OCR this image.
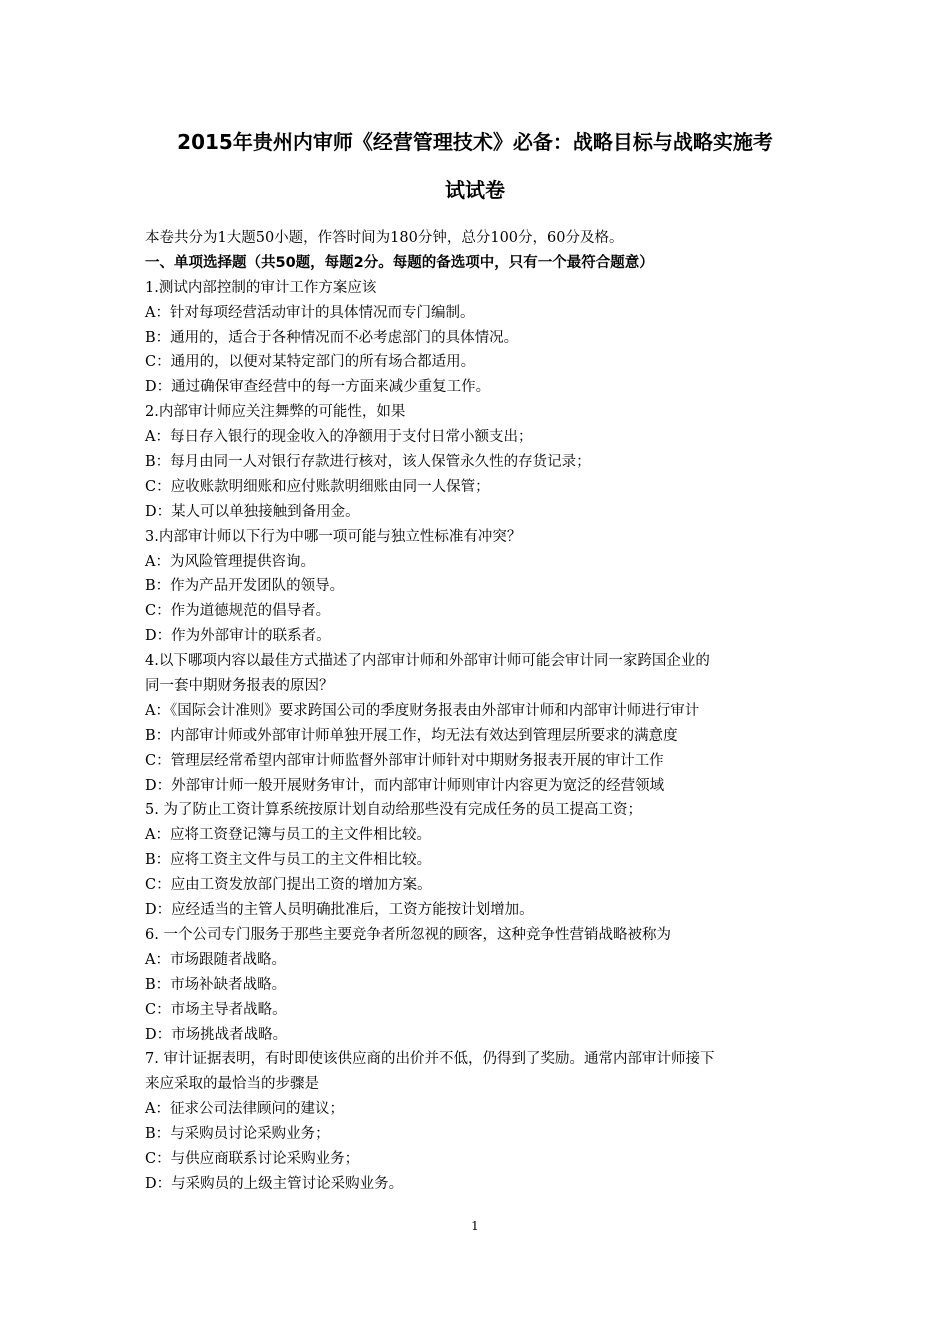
2015年贵州内审师《经营管理技术》必备：战略目标与战略实施考
试试卷
本卷共分为1大题50小题，作答时间为180分钟，总分100分，60分及格。
一、单项选择题（共50题，每题2分。每题的备选项中，只有一个最符合题意）
1.测试内部控制的审计工作方案应该
A：针对每项经营活动审计的具体情况而专门编制。
B：通用的，适合于各种情况而不必考虑部门的具体情况。
C：通用的，以便对某特定部门的所有场合都适用。
D：通过确保审查经营中的每一方面来减少重复工作。
2.内部审计师应关注舞弊的可能性，如果
A：每日存入银行的现金收入的净额用于支付日常小额支出；
B：每月由同一人对银行存款进行核对，该人保管永久性的存货记录；
C：应收账款明细账和应付账款明细账由同一人保管；
D：某人可以单独接触到备用金。
3.内部审计师以下行为中哪一项可能与独立性标准有冲突？
A：为风险管理提供咨询。
B：作为产品开发团队的领导。
C：作为道德规范的倡导者。
D：作为外部审计的联系者。
4.以下哪项内容以最佳方式描述了内部审计师和外部审计师可能会审计同一家跨国企业的
同一套中期财务报表的原因？
A：《国际会计准则》要求跨国公司的季度财务报表由外部审计师和内部审计师进行审计
B：内部审计师或外部审计师单独开展工作，均无法有效达到管理层所要求的满意度
C：管理层经常希望内部审计师监督外部审计师针对中期财务报表开展的审计工作
D：外部审计师一般开展财务审计，而内部审计师则审计内容更为宽泛的经营领域
5. 为了防止工资计算系统按原计划自动给那些没有完成任务的员工提高工资；
A：应将工资登记簿与员工的主文件相比较。
B：应将工资主文件与员工的主文件相比较。
C：应由工资发放部门提出工资的增加方案。
D：应经适当的主管人员明确批准后，工资方能按计划增加。
6. 一个公司专门服务于那些主要竞争者所忽视的顾客，这种竞争性营销战略被称为
A：市场跟随者战略。
B：市场补缺者战略。
C：市场主导者战略。
D：市场挑战者战略。
7. 审计证据表明，有时即使该供应商的出价并不低，仍得到了奖励。通常内部审计师接下
来应采取的最恰当的步骤是
A：征求公司法律顾问的建议；
B：与采购员讨论采购业务；
C：与供应商联系讨论采购业务；
D：与采购员的上级主管讨论采购业务。
1
